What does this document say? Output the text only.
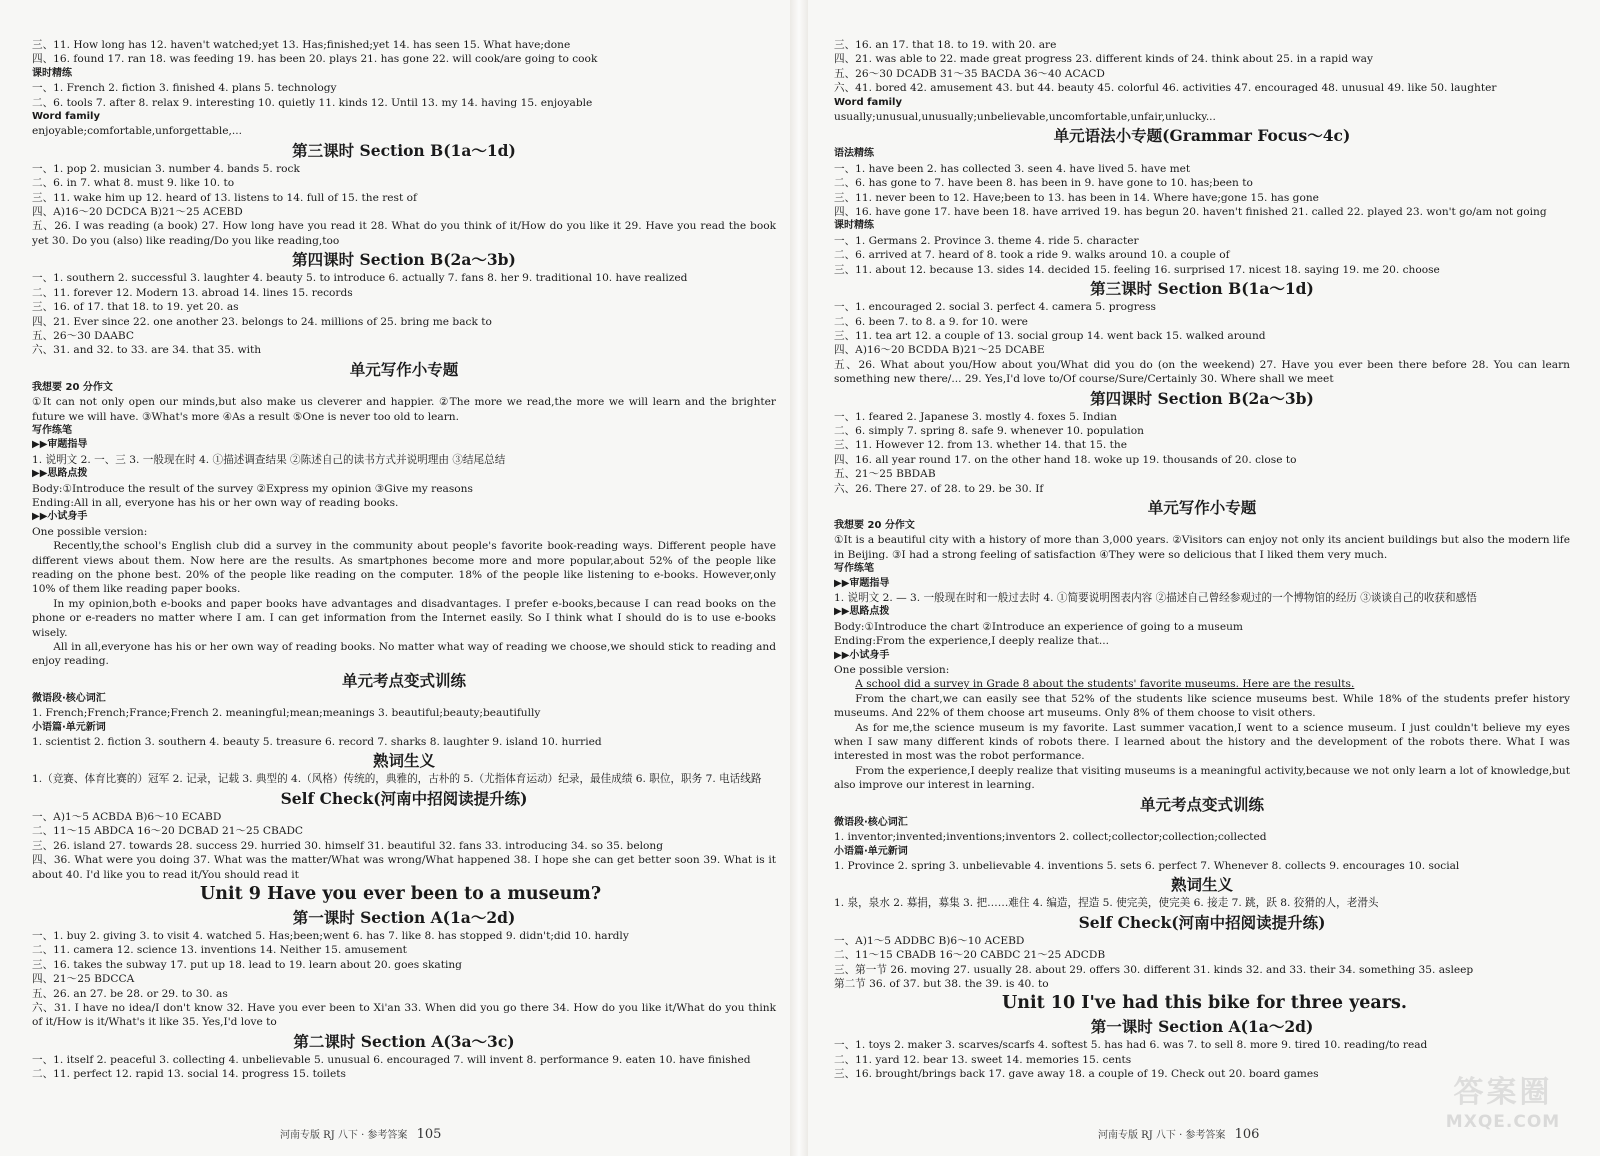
三、11. How long has 12. haven't watched;yet 13. Has;finished;yet 14. has seen 15. What have;done
四、16. found 17. ran 18. was feeding 19. has been 20. plays 21. has gone 22. will cook/are going to cook
课时精练
一、1. French 2. fiction 3. finished 4. plans 5. technology
二、6. tools 7. after 8. relax 9. interesting 10. quietly 11. kinds 12. Until 13. my 14. having 15. enjoyable
Word family
enjoyable;comfortable,unforgettable,...
第三课时 Section B(1a～1d)
一、1. pop 2. musician 3. number 4. bands 5. rock
二、6. in 7. what 8. must 9. like 10. to
三、11. wake him up 12. heard of 13. listens to 14. full of 15. the rest of
四、A)16～20 DCDCA B)21～25 ACEBD
五、26. I was reading (a book) 27. How long have you read it 28. What do you think of it/How do you like it 29. Have you read the book yet 30. Do you (also) like reading/Do you like reading,too
第四课时 Section B(2a～3b)
一、1. southern 2. successful 3. laughter 4. beauty 5. to introduce 6. actually 7. fans 8. her 9. traditional 10. have realized
二、11. forever 12. Modern 13. abroad 14. lines 15. records
三、16. of 17. that 18. to 19. yet 20. as
四、21. Ever since 22. one another 23. belongs to 24. millions of 25. bring me back to
五、26～30 DAABC
六、31. and 32. to 33. are 34. that 35. with
单元写作小专题
我想要 20 分作文
①It can not only open our minds,but also make us cleverer and happier. ②The more we read,the more we will learn and the brighter future we will have. ③What's more ④As a result ⑤One is never too old to learn.
写作练笔
▶▶审题指导
1. 说明文 2. 一、三 3. 一般现在时 4. ①描述调查结果 ②陈述自己的读书方式并说明理由 ③结尾总结
▶▶思路点拨
Body:①Introduce the result of the survey ②Express my opinion ③Give my reasons
Ending:All in all, everyone has his or her own way of reading books.
▶▶小试身手
One possible version:
Recently,the school's English club did a survey in the community about people's favorite book-reading ways. Different people have different views about them. Now here are the results. As smartphones become more and more popular,about 52% of the people like reading on the phone best. 20% of the people like reading on the computer. 18% of the people like listening to e-books. However,only 10% of them like reading paper books.
In my opinion,both e-books and paper books have advantages and disadvantages. I prefer e-books,because I can read books on the phone or e-readers no matter where I am. I can get information from the Internet easily. So I think what I should do is to use e-books wisely.
All in all,everyone has his or her own way of reading books. No matter what way of reading we choose,we should stick to reading and enjoy reading.
单元考点变式训练
微语段·核心词汇
1. French;French;France;French 2. meaningful;mean;meanings 3. beautiful;beauty;beautifully
小语篇·单元新词
1. scientist 2. fiction 3. southern 4. beauty 5. treasure 6. record 7. sharks 8. laughter 9. island 10. hurried
熟词生义
1.（竞赛、体育比赛的）冠军 2. 记录，记载 3. 典型的 4.（风格）传统的，典雅的，古朴的 5.（尤指体育运动）纪录，最佳成绩 6. 职位，职务 7. 电话线路
Self Check(河南中招阅读提升练)
一、A)1～5 ACBDA B)6～10 ECABD
二、11～15 ABDCA 16～20 DCBAD 21～25 CBADC
三、26. island 27. towards 28. success 29. hurried 30. himself 31. beautiful 32. fans 33. introducing 34. so 35. belong
四、36. What were you doing 37. What was the matter/What was wrong/What happened 38. I hope she can get better soon 39. What is it about 40. I'd like you to read it/You should read it
Unit 9 Have you ever been to a museum?
第一课时 Section A(1a～2d)
一、1. buy 2. giving 3. to visit 4. watched 5. Has;been;went 6. has 7. like 8. has stopped 9. didn't;did 10. hardly
二、11. camera 12. science 13. inventions 14. Neither 15. amusement
三、16. takes the subway 17. put up 18. lead to 19. learn about 20. goes skating
四、21～25 BDCCA
五、26. an 27. be 28. or 29. to 30. as
六、31. I have no idea/I don't know 32. Have you ever been to Xi'an 33. When did you go there 34. How do you like it/What do you think of it/How is it/What's it like 35. Yes,I'd love to
第二课时 Section A(3a～3c)
一、1. itself 2. peaceful 3. collecting 4. unbelievable 5. unusual 6. encouraged 7. will invent 8. performance 9. eaten 10. have finished
二、11. perfect 12. rapid 13. social 14. progress 15. toilets
河南专版 RJ 八下 · 参考答案 105
三、16. an 17. that 18. to 19. with 20. are
四、21. was able to 22. made great progress 23. different kinds of 24. think about 25. in a rapid way
五、26～30 DCADB 31～35 BACDA 36～40 ACACD
六、41. bored 42. amusement 43. but 44. beauty 45. colorful 46. activities 47. encouraged 48. unusual 49. like 50. laughter
Word family
usually;unusual,unusually;unbelievable,uncomfortable,unfair,unlucky...
单元语法小专题(Grammar Focus～4c)
语法精练
一、1. have been 2. has collected 3. seen 4. have lived 5. have met
二、6. has gone to 7. have been 8. has been in 9. have gone to 10. has;been to
三、11. never been to 12. Have;been to 13. has been in 14. Where have;gone 15. has gone
四、16. have gone 17. have been 18. have arrived 19. has begun 20. haven't finished 21. called 22. played 23. won't go/am not going
课时精练
一、1. Germans 2. Province 3. theme 4. ride 5. character
二、6. arrived at 7. heard of 8. took a ride 9. walks around 10. a couple of
三、11. about 12. because 13. sides 14. decided 15. feeling 16. surprised 17. nicest 18. saying 19. me 20. choose
第三课时 Section B(1a～1d)
一、1. encouraged 2. social 3. perfect 4. camera 5. progress
二、6. been 7. to 8. a 9. for 10. were
三、11. tea art 12. a couple of 13. social group 14. went back 15. walked around
四、A)16～20 BCDDA B)21～25 DCABE
五、26. What about you/How about you/What did you do (on the weekend) 27. Have you ever been there before 28. You can learn something new there/... 29. Yes,I'd love to/Of course/Sure/Certainly 30. Where shall we meet
第四课时 Section B(2a～3b)
一、1. feared 2. Japanese 3. mostly 4. foxes 5. Indian
二、6. simply 7. spring 8. safe 9. whenever 10. population
三、11. However 12. from 13. whether 14. that 15. the
四、16. all year round 17. on the other hand 18. woke up 19. thousands of 20. close to
五、21～25 BBDAB
六、26. There 27. of 28. to 29. be 30. If
单元写作小专题
我想要 20 分作文
①It is a beautiful city with a history of more than 3,000 years. ②Visitors can enjoy not only its ancient buildings but also the modern life in Beijing. ③I had a strong feeling of satisfaction ④They were so delicious that I liked them very much.
写作练笔
▶▶审题指导
1. 说明文 2. — 3. 一般现在时和一般过去时 4. ①简要说明图表内容 ②描述自己曾经参观过的一个博物馆的经历 ③谈谈自己的收获和感悟
▶▶思路点拨
Body:①Introduce the chart ②Introduce an experience of going to a museum
Ending:From the experience,I deeply realize that...
▶▶小试身手
One possible version:
A school did a survey in Grade 8 about the students' favorite museums. Here are the results.
From the chart,we can easily see that 52% of the students like science museums best. While 18% of the students prefer history museums. And 22% of them choose art museums. Only 8% of them choose to visit others.
As for me,the science museum is my favorite. Last summer vacation,I went to a science museum. I just couldn't believe my eyes when I saw many different kinds of robots there. I learned about the history and the development of the robots there. What I was interested in most was the robot performance.
From the experience,I deeply realize that visiting museums is a meaningful activity,because we not only learn a lot of knowledge,but also improve our interest in learning.
单元考点变式训练
微语段·核心词汇
1. inventor;invented;inventions;inventors 2. collect;collector;collection;collected
小语篇·单元新词
1. Province 2. spring 3. unbelievable 4. inventions 5. sets 6. perfect 7. Whenever 8. collects 9. encourages 10. social
熟词生义
1. 泉，泉水 2. 募捐，募集 3. 把……难住 4. 编造，捏造 5. 使完美，使完美 6. 接走 7. 跳，跃 8. 狡猾的人，老滑头
Self Check(河南中招阅读提升练)
一、A)1～5 ADDBC B)6～10 ACEBD
二、11～15 CBADB 16～20 CABDC 21～25 ADCDB
三、第一节 26. moving 27. usually 28. about 29. offers 30. different 31. kinds 32. and 33. their 34. something 35. asleep
第二节 36. of 37. but 38. the 39. is 40. to
Unit 10 I've had this bike for three years.
第一课时 Section A(1a～2d)
一、1. toys 2. maker 3. scarves/scarfs 4. softest 5. has had 6. was 7. to sell 8. more 9. tired 10. reading/to read
二、11. yard 12. bear 13. sweet 14. memories 15. cents
三、16. brought/brings back 17. gave away 18. a couple of 19. Check out 20. board games
河南专版 RJ 八下 · 参考答案 106
答案圈
MXQE.COM
